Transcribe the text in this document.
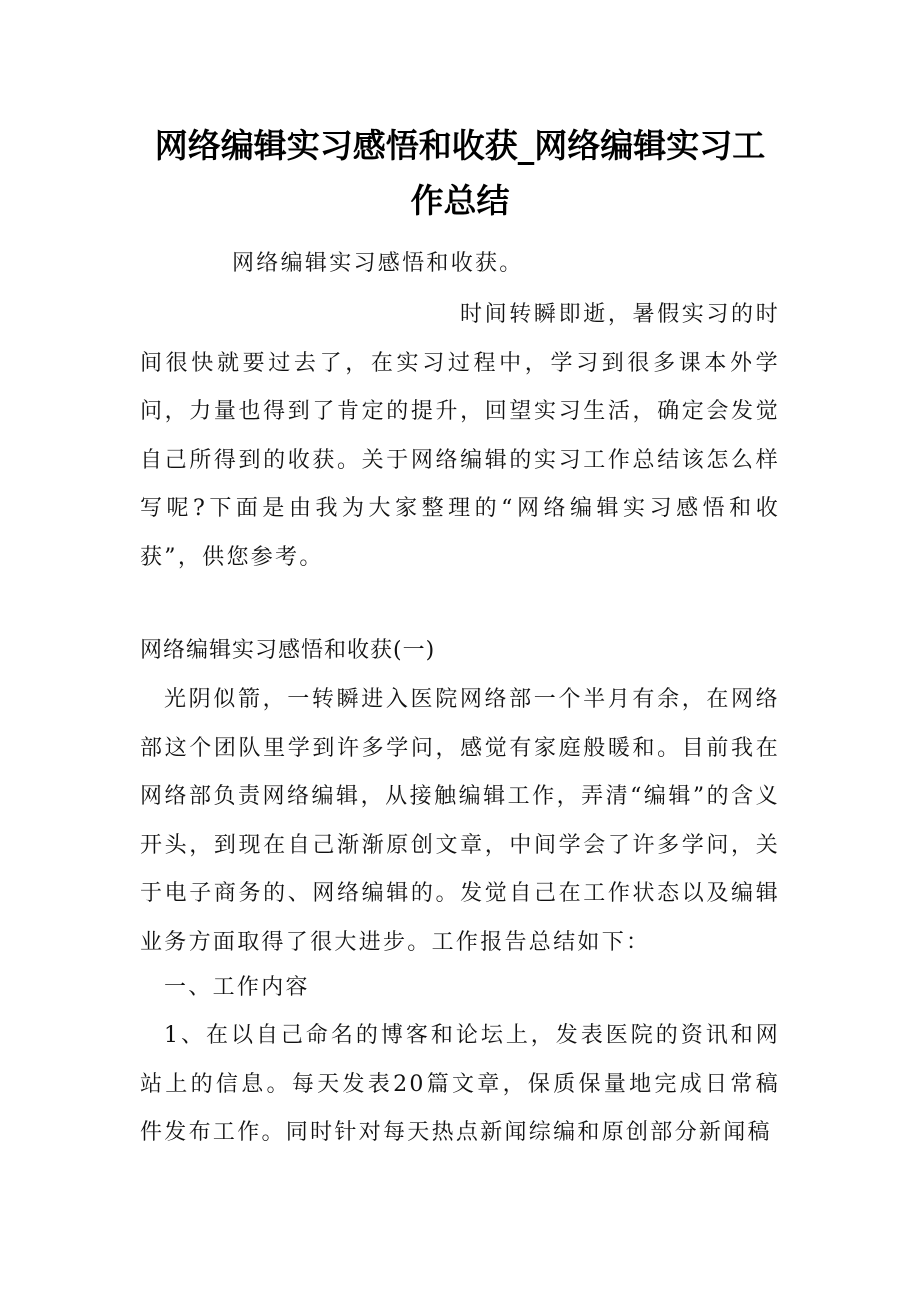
网络编辑实习感悟和收获_网络编辑实习工作总结

网络编辑实习感悟和收获。

时间转瞬即逝，暑假实习的时间很快就要过去了，在实习过程中，学习到很多课本外学问，力量也得到了肯定的提升，回望实习生活，确定会发觉自己所得到的收获。关于网络编辑的实习工作总结该怎么样写呢?下面是由我为大家整理的“网络编辑实习感悟和收获”，供您参考。

网络编辑实习感悟和收获(一)

光阴似箭，一转瞬进入医院网络部一个半月有余，在网络部这个团队里学到许多学问，感觉有家庭般暖和。目前我在网络部负责网络编辑，从接触编辑工作，弄清“编辑”的含义开头，到现在自己渐渐原创文章，中间学会了许多学问，关于电子商务的、网络编辑的。发觉自己在工作状态以及编辑业务方面取得了很大进步。工作报告总结如下：

一、工作内容

1、在以自己命名的博客和论坛上，发表医院的资讯和网站上的信息。每天发表20篇文章，保质保量地完成日常稿件发布工作。同时针对每天热点新闻综编和原创部分新闻稿
